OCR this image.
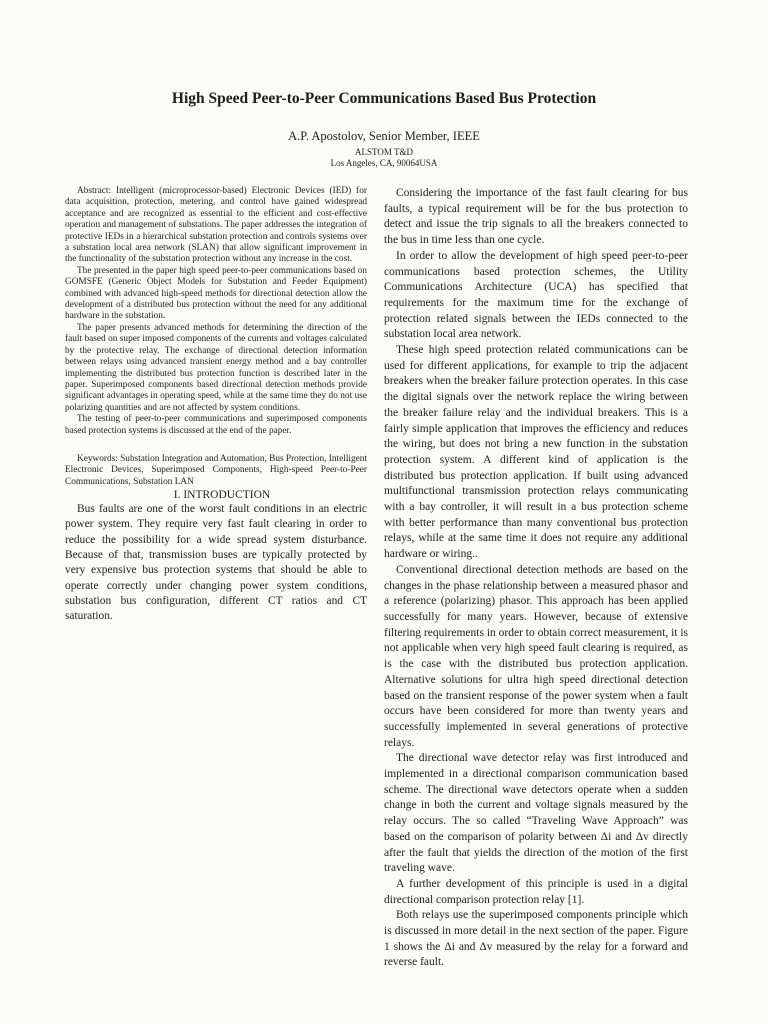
High Speed Peer-to-Peer Communications Based Bus Protection

A.P. Apostolov, Senior Member, IEEE

ALSTOM T&D

Los Angeles, CA, 90064USA

Abstract: Intelligent (microprocessor-based) Electronic Devices (IED) for data acquisition, protection, metering, and control have gained widespread acceptance and are recognized as essential to the efficient and cost-effective operation and management of substations. The paper addresses the integration of protective IEDs in a hierarchical substation protection and controls systems over a substation local area network (SLAN) that allow significant improvement in the functionality of the substation protection without any increase in the cost.

The presented in the paper high speed peer-to-peer communications based on GOMSFE (Generic Object Models for Substation and Feeder Equipment) combined with advanced high-speed methods for directional detection allow the development of a distributed bus protection without the need for any additional hardware in the substation.

The paper presents advanced methods for determining the direction of the fault based on super imposed components of the currents and voltages calculated by the protective relay. The exchange of directional detection information between relays using advanced transient energy method and a bay controller implementing the distributed bus protection function is described later in the paper. Superimposed components based directional detection methods provide significant advantages in operating speed, while at the same time they do not use polarizing quantities and are not affected by system conditions.

The testing of peer-to-peer communications and superimposed components based protection systems is discussed at the end of the paper.

Keywords: Substation Integration and Automation, Bus Protection, Intelligent Electronic Devices, Superimposed Components, High-speed Peer-to-Peer Communications, Substation LAN

I. INTRODUCTION

Bus faults are one of the worst fault conditions in an electric power system. They require very fast fault clearing in order to reduce the possibility for a wide spread system disturbance. Because of that, transmission buses are typically protected by very expensive bus protection systems that should be able to operate correctly under changing power system conditions, substation bus configuration, different CT ratios and CT saturation.

Considering the importance of the fast fault clearing for bus faults, a typical requirement will be for the bus protection to detect and issue the trip signals to all the breakers connected to the bus in time less than one cycle.

In order to allow the development of high speed peer-to-peer communications based protection schemes, the Utility Communications Architecture (UCA) has specified that requirements for the maximum time for the exchange of protection related signals between the IEDs connected to the substation local area network.

These high speed protection related communications can be used for different applications, for example to trip the adjacent breakers when the breaker failure protection operates. In this case the digital signals over the network replace the wiring between the breaker failure relay and the individual breakers. This is a fairly simple application that improves the efficiency and reduces the wiring, but does not bring a new function in the substation protection system. A different kind of application is the distributed bus protection application. If built using advanced multifunctional transmission protection relays communicating with a bay controller, it will result in a bus protection scheme with better performance than many conventional bus protection relays, while at the same time it does not require any additional hardware or wiring..

Conventional directional detection methods are based on the changes in the phase relationship between a measured phasor and a reference (polarizing) phasor. This approach has been applied successfully for many years. However, because of extensive filtering requirements in order to obtain correct measurement, it is not applicable when very high speed fault clearing is required, as is the case with the distributed bus protection application. Alternative solutions for ultra high speed directional detection based on the transient response of the power system when a fault occurs have been considered for more than twenty years and successfully implemented in several generations of protective relays.

The directional wave detector relay was first introduced and implemented in a directional comparison communication based scheme. The directional wave detectors operate when a sudden change in both the current and voltage signals measured by the relay occurs. The so called “Traveling Wave Approach” was based on the comparison of polarity between Δi and Δv directly after the fault that yields the direction of the motion of the first traveling wave.

A further development of this principle is used in a digital directional comparison protection relay [1].

Both relays use the superimposed components principle which is discussed in more detail in the next section of the paper. Figure 1 shows the Δi and Δv measured by the relay for a forward and reverse fault.
